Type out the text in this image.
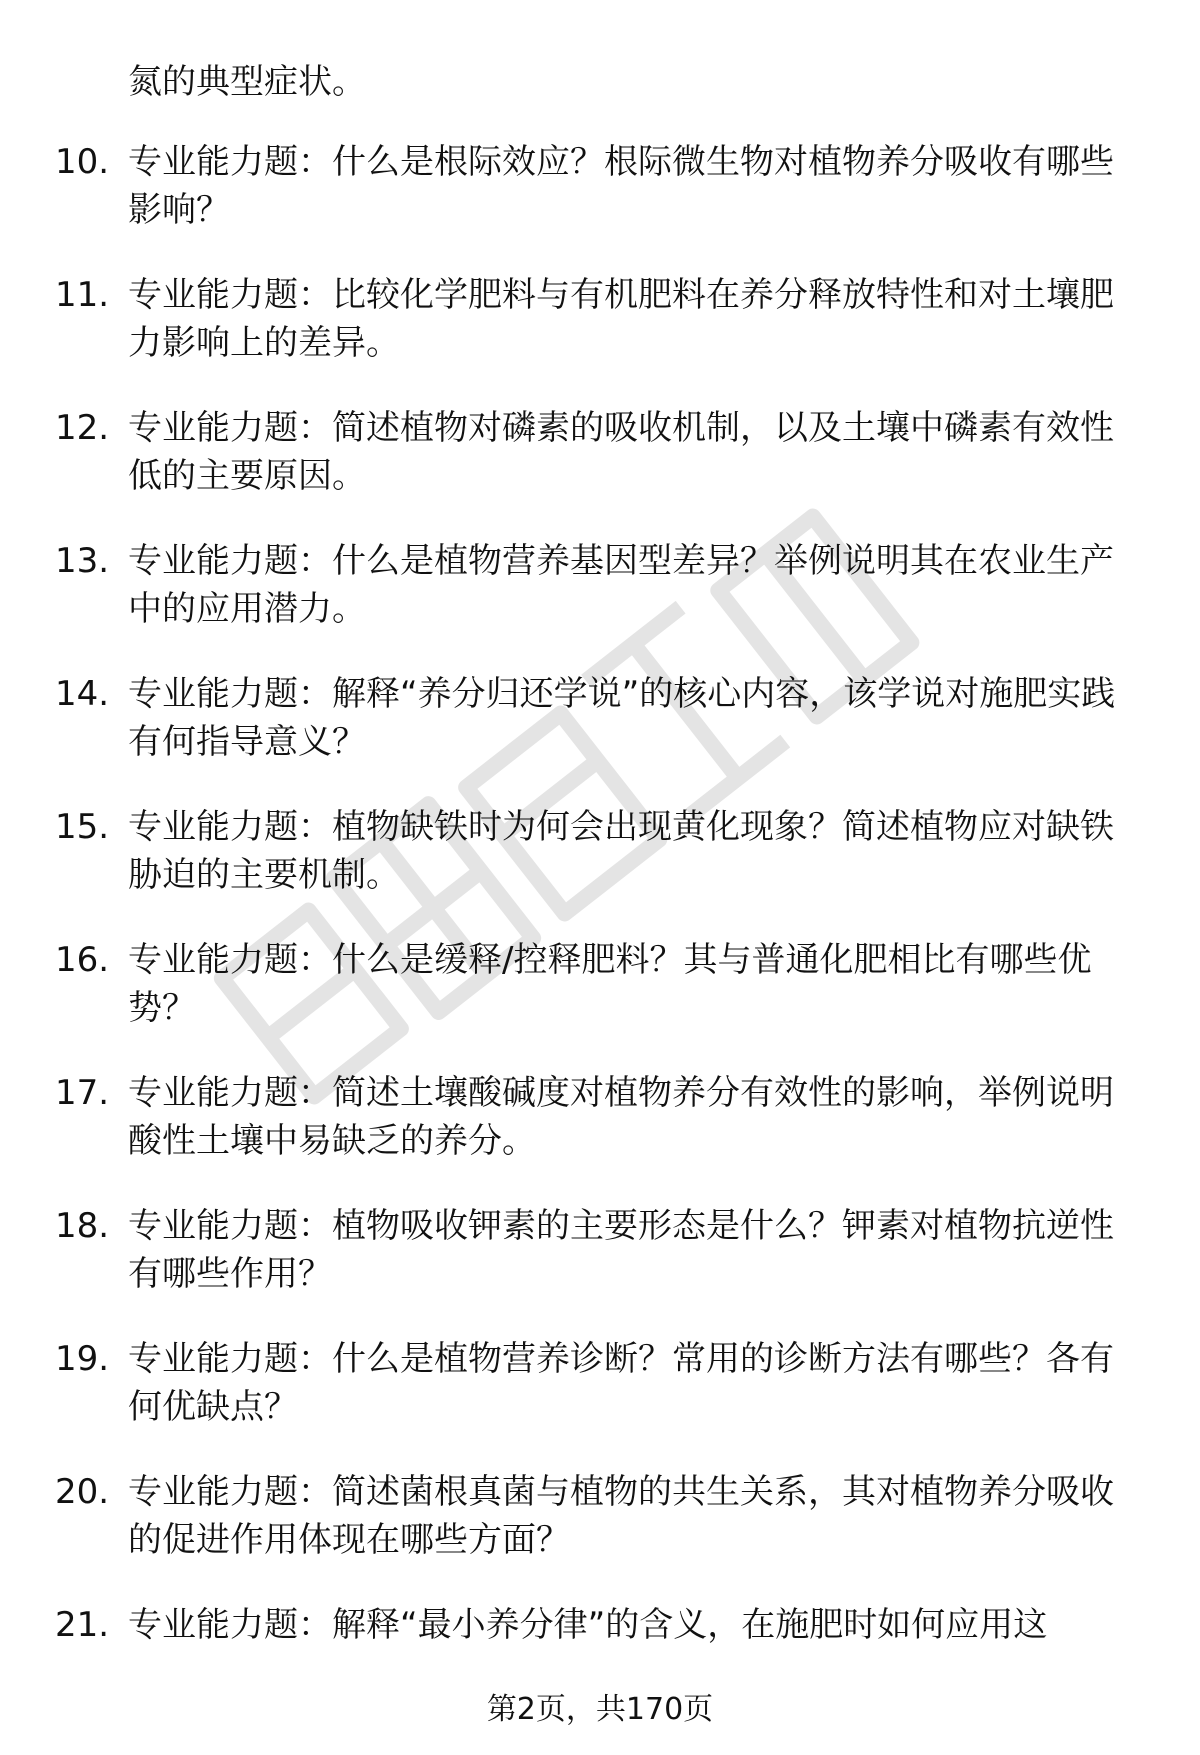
氮的典型症状。

10. 专业能力题：什么是根际效应？根际微生物对植物养分吸收有哪些影响？
11. 专业能力题：比较化学肥料与有机肥料在养分释放特性和对土壤肥力影响上的差异。
12. 专业能力题：简述植物对磷素的吸收机制，以及土壤中磷素有效性低的主要原因。
13. 专业能力题：什么是植物营养基因型差异？举例说明其在农业生产中的应用潜力。
14. 专业能力题：解释“养分归还学说”的核心内容，该学说对施肥实践有何指导意义？
15. 专业能力题：植物缺铁时为何会出现黄化现象？简述植物应对缺铁胁迫的主要机制。
16. 专业能力题：什么是缓释/控释肥料？其与普通化肥相比有哪些优势？
17. 专业能力题：简述土壤酸碱度对植物养分有效性的影响，举例说明酸性土壤中易缺乏的养分。
18. 专业能力题：植物吸收钾素的主要形态是什么？钾素对植物抗逆性有哪些作用？
19. 专业能力题：什么是植物营养诊断？常用的诊断方法有哪些？各有何优缺点？
20. 专业能力题：简述菌根真菌与植物的共生关系，其对植物养分吸收的促进作用体现在哪些方面？
21. 专业能力题：解释“最小养分律”的含义，在施肥时如何应用这
第2页，共170页
